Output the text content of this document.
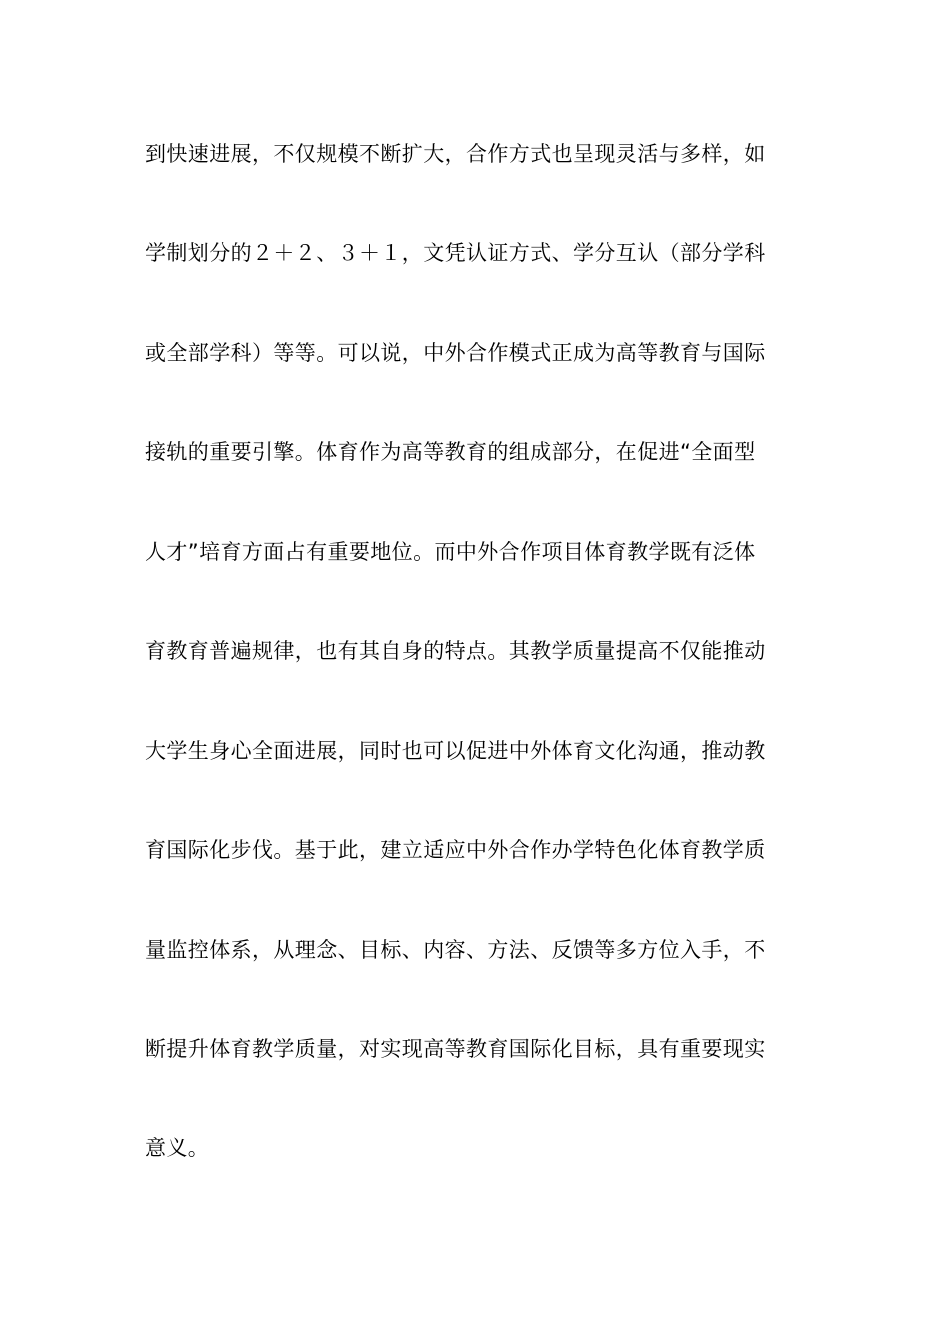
到快速进展，不仅规模不断扩大，合作方式也呈现灵活与多样，如
学制划分的２＋２、３＋１，文凭认证方式、学分互认（部分学科
或全部学科）等等。可以说，中外合作模式正成为高等教育与国际
接轨的重要引擎。体育作为高等教育的组成部分，在促进“全面型
人才”培育方面占有重要地位。而中外合作项目体育教学既有泛体
育教育普遍规律，也有其自身的特点。其教学质量提高不仅能推动
大学生身心全面进展，同时也可以促进中外体育文化沟通，推动教
育国际化步伐。基于此，建立适应中外合作办学特色化体育教学质
量监控体系，从理念、目标、内容、方法、反馈等多方位入手，不
断提升体育教学质量，对实现高等教育国际化目标，具有重要现实
意义。
